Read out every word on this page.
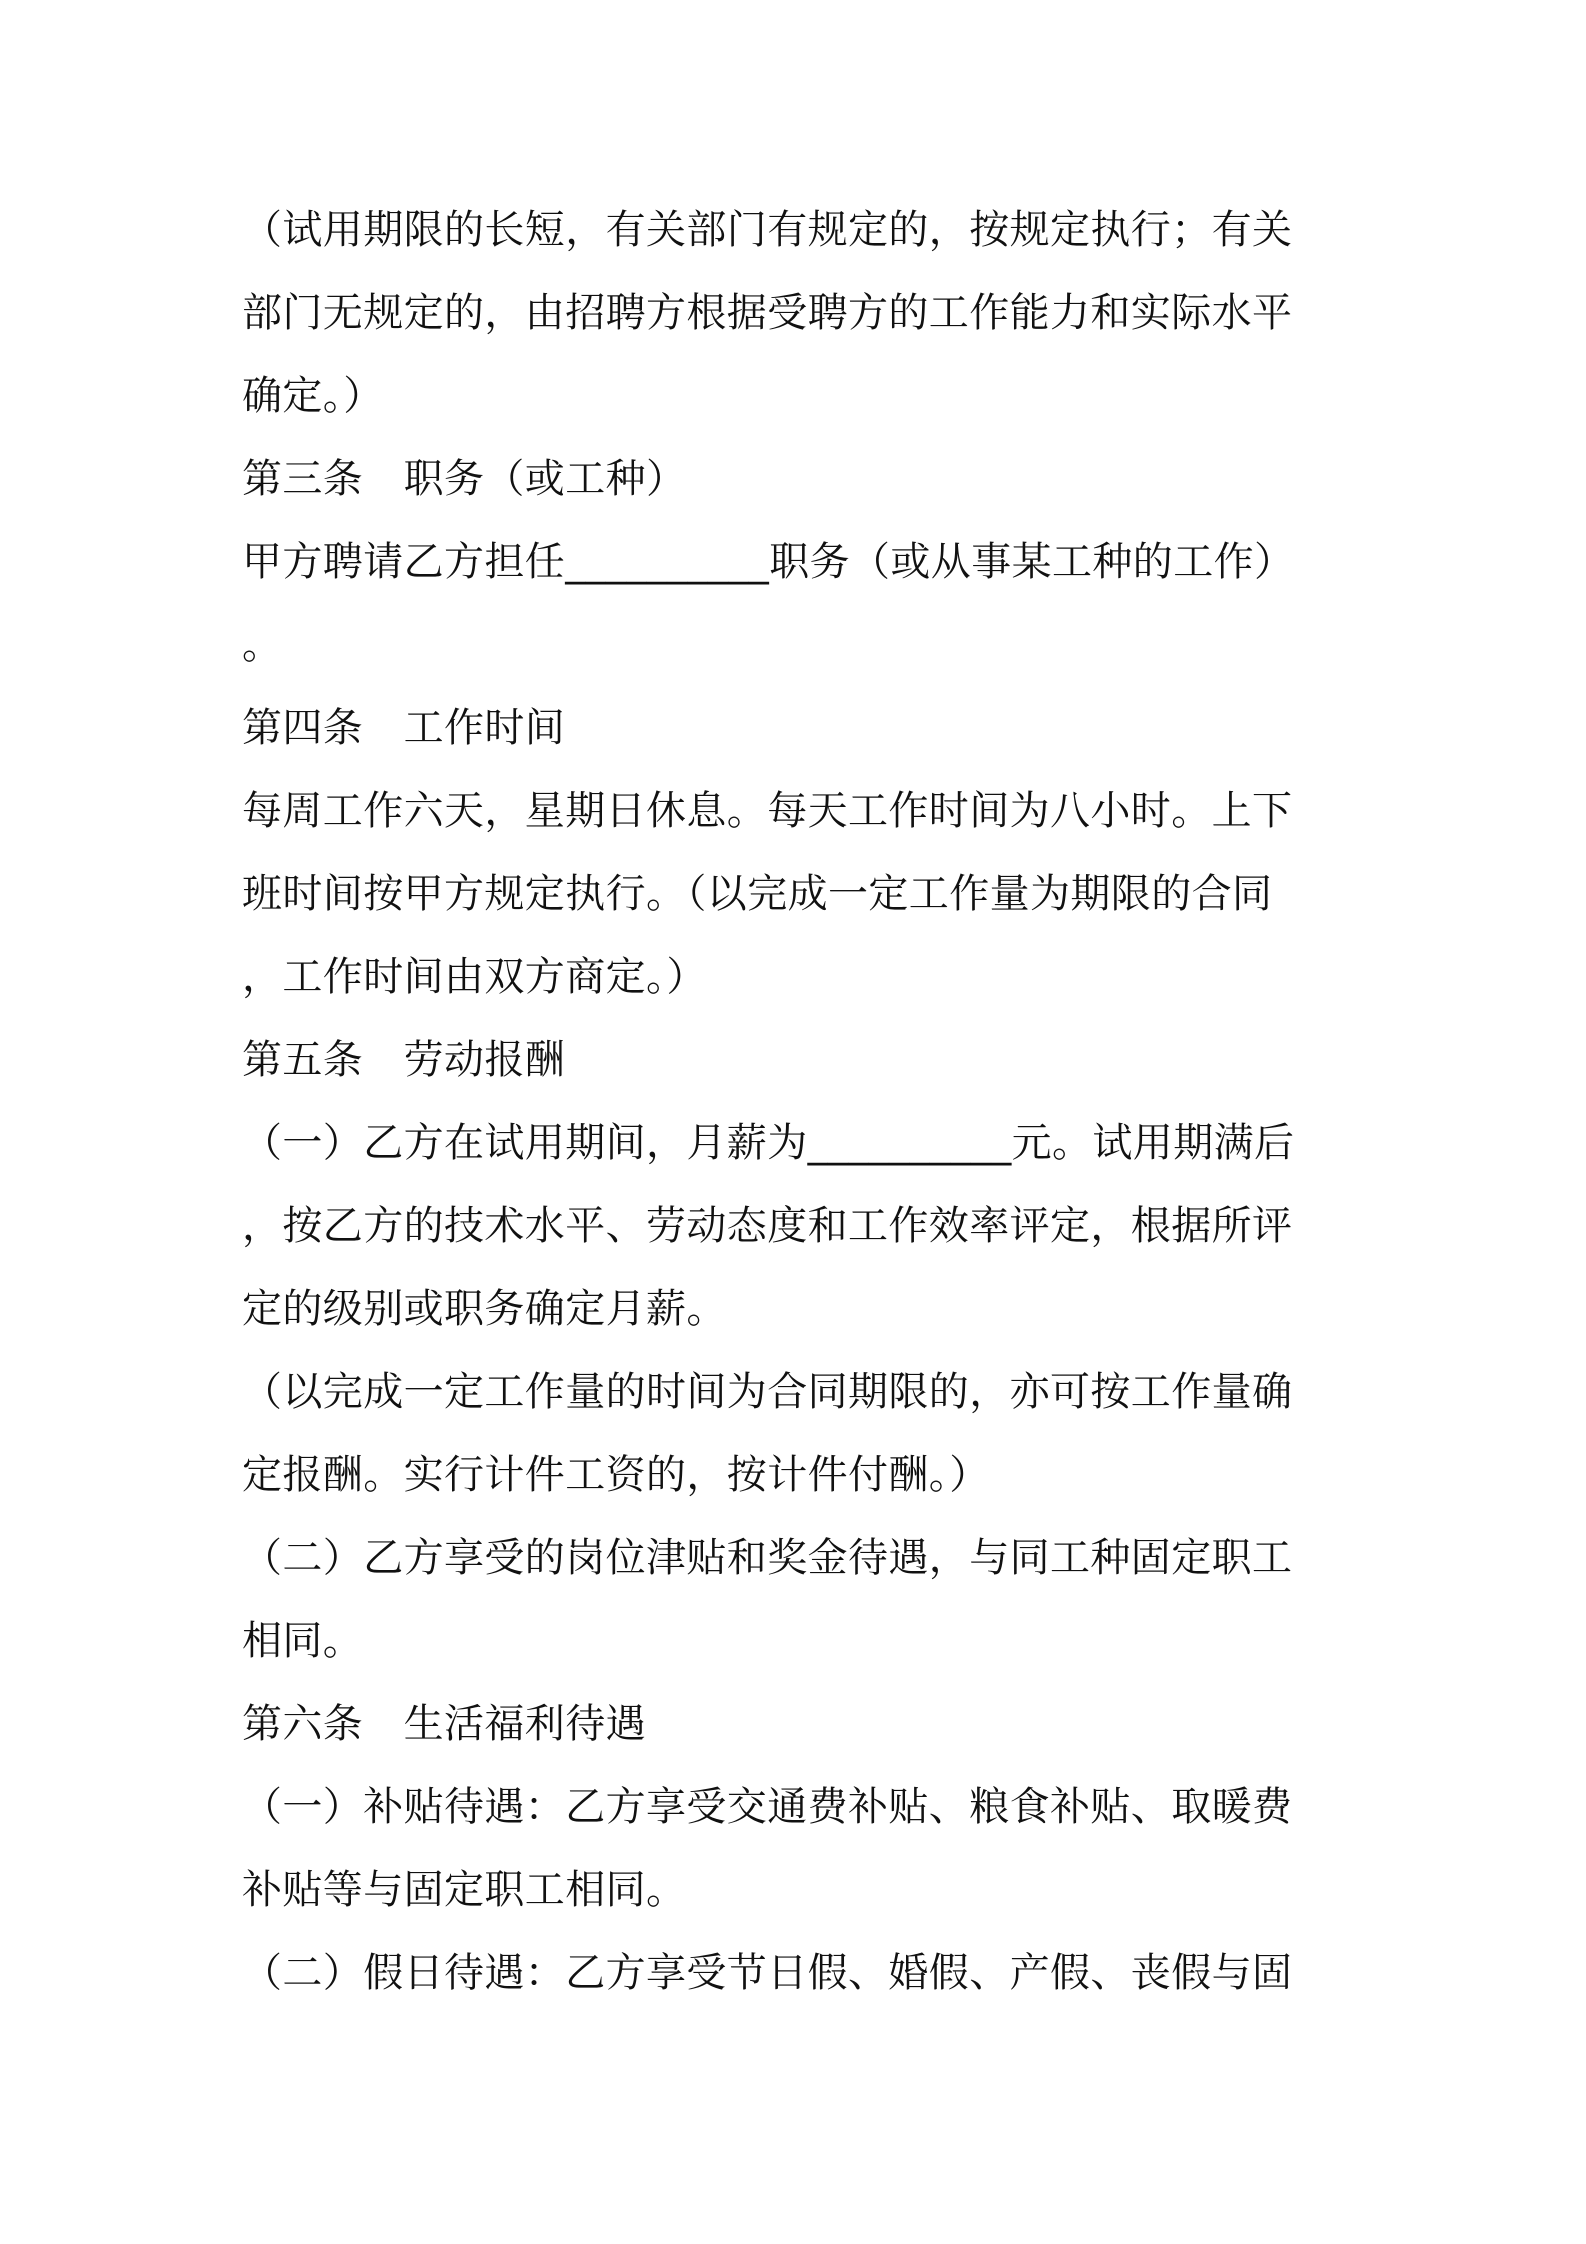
（试用期限的长短，有关部门有规定的，按规定执行；有关
部门无规定的，由招聘方根据受聘方的工作能力和实际水平
确定。）
第三条　职务（或工种）
甲方聘请乙方担任__________职务（或从事某工种的工作）
。
第四条　工作时间
每周工作六天，星期日休息。每天工作时间为八小时。上下
班时间按甲方规定执行。（以完成一定工作量为期限的合同
，工作时间由双方商定。）
第五条　劳动报酬
（一）乙方在试用期间，月薪为__________元。试用期满后
，按乙方的技术水平、劳动态度和工作效率评定，根据所评
定的级别或职务确定月薪。
（以完成一定工作量的时间为合同期限的，亦可按工作量确
定报酬。实行计件工资的，按计件付酬。）
（二）乙方享受的岗位津贴和奖金待遇，与同工种固定职工
相同。
第六条　生活福利待遇
（一）补贴待遇：乙方享受交通费补贴、粮食补贴、取暖费
补贴等与固定职工相同。
（二）假日待遇：乙方享受节日假、婚假、产假、丧假与固
